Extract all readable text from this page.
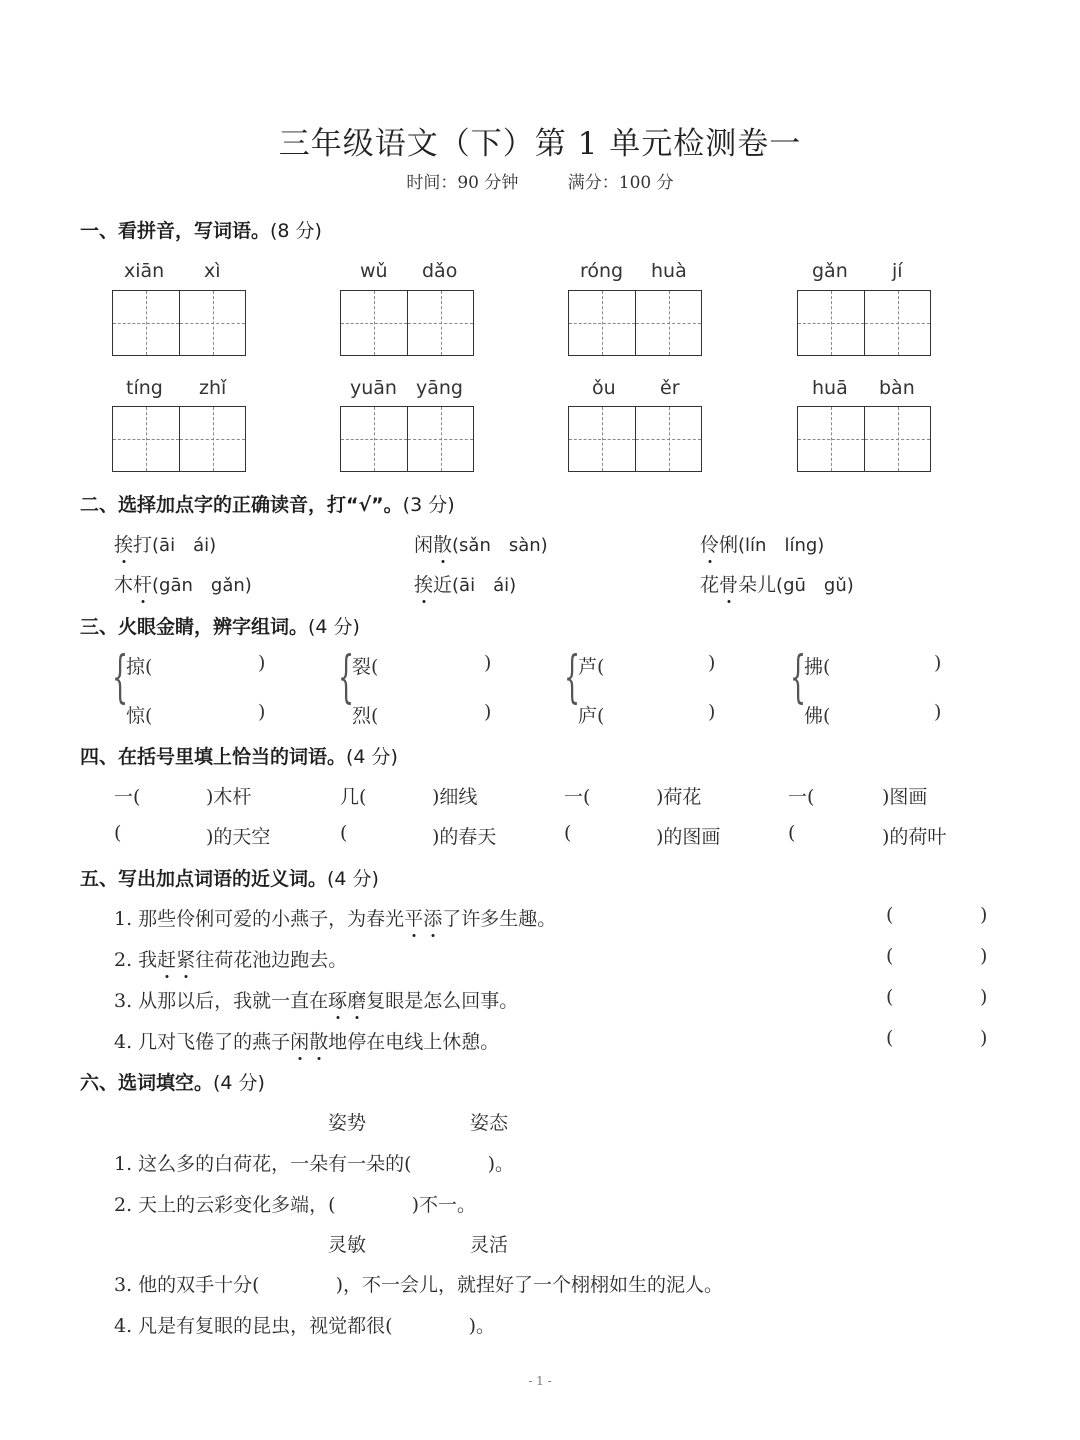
三年级语文（下）第 1 单元检测卷一
时间：90 分钟	满分：100 分
一、看拼音，写词语。(8 分)
xiān xì	wǔ dǎo	róng huà	gǎn jí
tíng zhǐ	yuān yāng	ǒu ěr	huā bàn
二、选择加点字的正确读音，打“√”。(3 分)
挨打(āi　ái)	闲散(sǎn　sàn)	伶俐(lín　líng)
木杆(gān　gǎn)	挨近(āi　ái)	花骨朵儿(gū　gǔ)
三、火眼金睛，辨字组词。(4 分)
{
掠(	)
惊(	)
{
裂(	)
烈(	)
{
芦(	)
庐(	)
{
拂(	)
佛(	)
四、在括号里填上恰当的词语。(4 分)
一(	)木杆	几(	)细线	一(	)荷花	一(	)图画
(	)的天空	(	)的春天	(	)的图画	(	)的荷叶
五、写出加点词语的近义词。(4 分)
1. 那些伶俐可爱的小燕子，为春光平添了许多生趣。
2. 我赶紧往荷花池边跑去。
3. 从那以后，我就一直在琢磨复眼是怎么回事。
4. 几对飞倦了的燕子闲散地停在电线上休憩。
(	)
(	)
(	)
(	)
六、选词填空。(4 分)
姿势	姿态
1. 这么多的白荷花，一朵有一朵的(　　　　)。
2. 天上的云彩变化多端，(　　　　)不一。
灵敏	灵活
3. 他的双手十分(　　　　)，不一会儿，就捏好了一个栩栩如生的泥人。
4. 凡是有复眼的昆虫，视觉都很(　　　　)。
- 1 -
